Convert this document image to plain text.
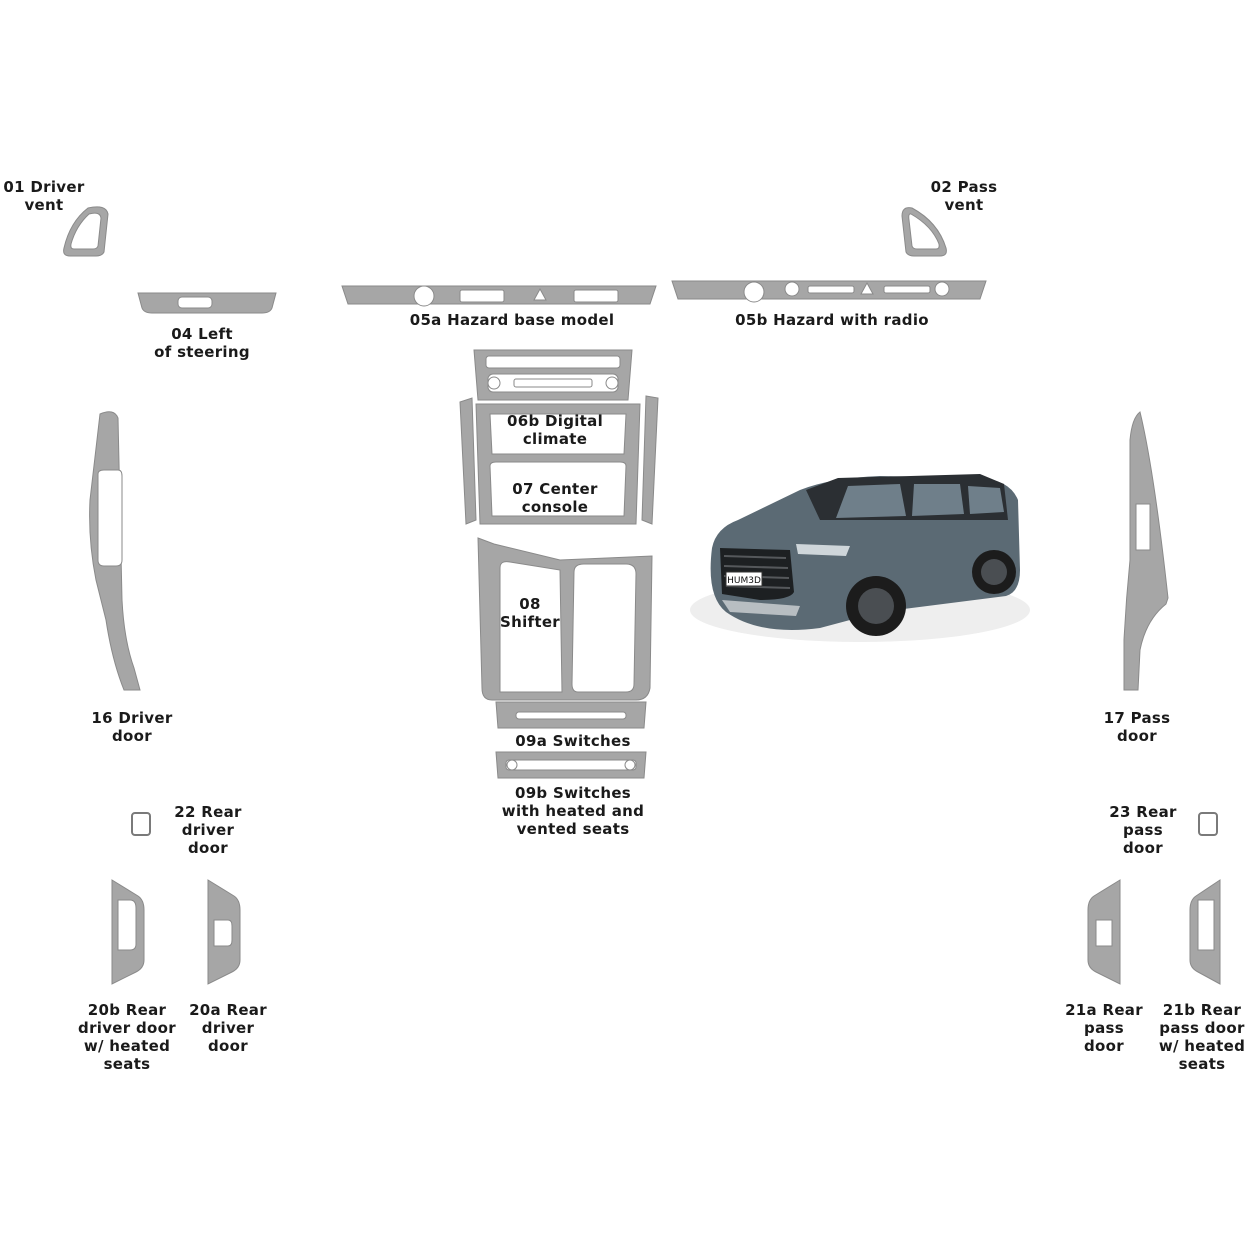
HUM3D
01 Driver
vent
02 Pass
vent
04 Left
of steering
05a Hazard base model	05b Hazard with radio
06b Digital
climate
07 Center
console
08
Shifter
09a Switches
09b Switches
with heated and
vented seats
16 Driver
door
17 Pass
door
22 Rear
driver
door
23 Rear
pass
door
20b Rear
driver door
w/ heated
seats
20a Rear
driver
door
21a Rear
pass
door
21b Rear
pass door
w/ heated
seats
